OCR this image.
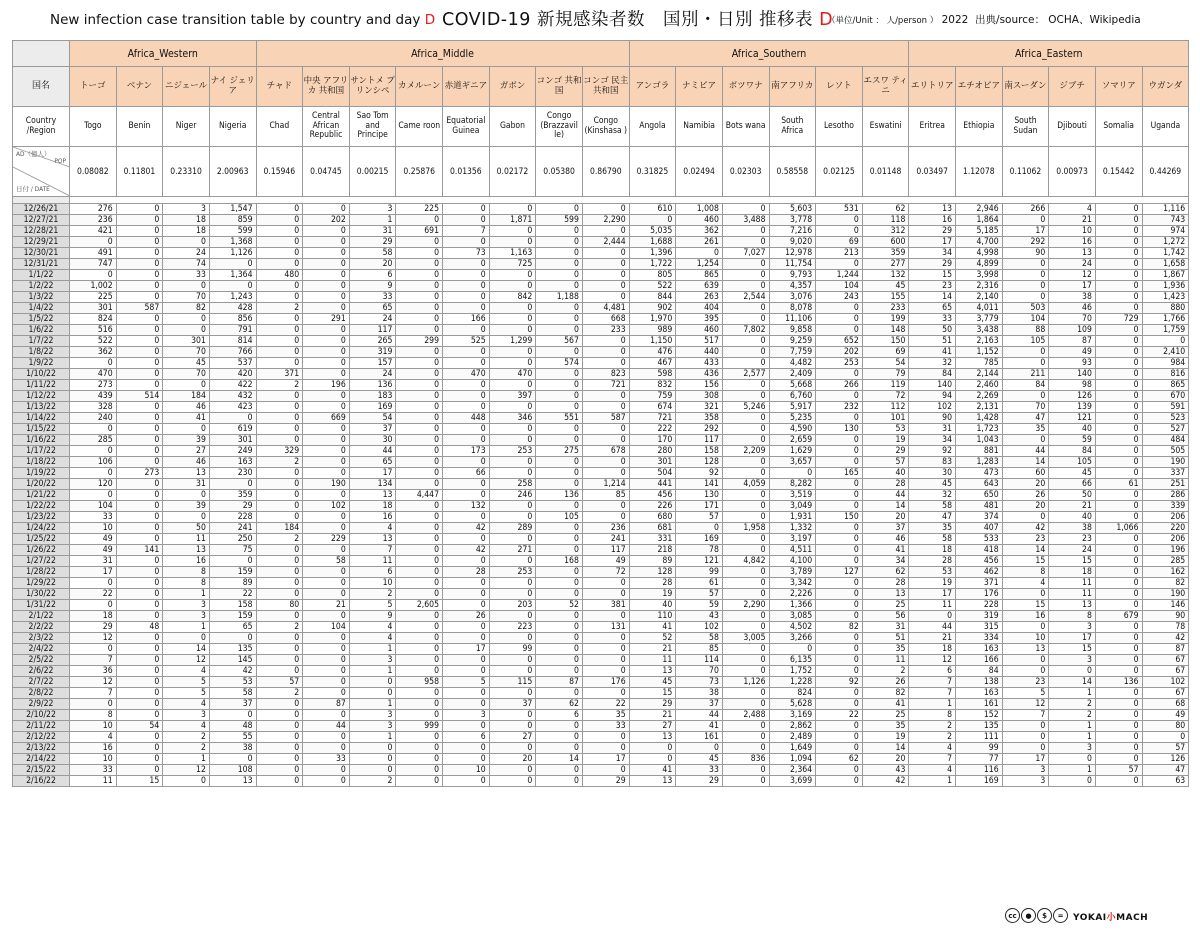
New infection case transition table by country and day D COVID-19 新規感染者数　国別・日別 推移表 D
（単位/Unit ： 人/person ） 2022 出典/source： OCHA、Wikipedia
	Africa_Western				Africa_Middle								Africa_Southern						Africa_Eastern					
国名	トーゴ	ベナン	ニジェール	ナイ ジェリア	チャド	中央 アフリカ 共和国	サントメ プリンシペ	カメルーン	赤道ギニア	ガボン	コンゴ 共和国	コンゴ 民主共和国	アンゴラ	ナミビア	ボツワナ	南アフリカ	レソト	エスワ ティニ	エリトリア	エチオピア	南スーダン	ジブチ	ソマリア	ウガンダ
Country /Region	Togo	Benin	Niger	Nigeria	Chad	Central African Republic	Sao Tom and Principe	Came roon	Equatorial Guinea	Gabon	Congo (Brazzavil le)	Congo (Kinshasa )	Angola	Namibia	Bots wana	South Africa	Lesotho	Eswatini	Eritrea	Ethiopia	South Sudan	Djibouti	Somalia	Uganda

AD（億人）
POP
日付 / DATE	0.08082	0.11801	0.23310	2.00963	0.15946	0.04745	0.00215	0.25876	0.01356	0.02172	0.05380	0.86790	0.31825	0.02494	0.02303	0.58558	0.02125	0.01148	0.03497	1.12078	0.11062	0.00973	0.15442	0.44269

12/26/21	276	0	3	1,547	0	0	3	225	0	0	0	0	610	1,008	0	5,603	531	62	13	2,946	266	4	0	1,116
12/27/21	236	0	18	859	0	202	1	0	0	1,871	599	2,290	0	460	3,488	3,778	0	118	16	1,864	0	21	0	743
12/28/21	421	0	18	599	0	0	31	691	7	0	0	0	5,035	362	0	7,216	0	312	29	5,185	17	10	0	974
12/29/21	0	0	0	1,368	0	0	29	0	0	0	0	2,444	1,688	261	0	9,020	69	600	17	4,700	292	16	0	1,272
12/30/21	491	0	24	1,126	0	0	58	0	73	1,163	0	0	1,396	0	7,027	12,978	213	359	34	4,998	90	13	0	1,742
12/31/21	747	0	74	0	0	0	20	0	0	725	0	0	1,722	1,254	0	11,754	0	277	29	4,899	0	24	0	1,658
1/1/22	0	0	33	1,364	480	0	6	0	0	0	0	0	805	865	0	9,793	1,244	132	15	3,998	0	12	0	1,867
1/2/22	1,002	0	0	0	0	0	9	0	0	0	0	0	522	639	0	4,357	104	45	23	2,316	0	17	0	1,936
1/3/22	225	0	70	1,243	0	0	33	0	0	842	1,188	0	844	263	2,544	3,076	243	155	14	2,140	0	38	0	1,423
1/4/22	301	587	82	428	2	0	65	0	0	0	0	4,481	902	404	0	8,078	0	233	65	4,011	503	46	0	880
1/5/22	824	0	0	856	0	291	24	0	166	0	0	668	1,970	395	0	11,106	0	199	33	3,779	104	70	729	1,766
1/6/22	516	0	0	791	0	0	117	0	0	0	0	233	989	460	7,802	9,858	0	148	50	3,438	88	109	0	1,759
1/7/22	522	0	301	814	0	0	265	299	525	1,299	567	0	1,150	517	0	9,259	652	150	51	2,163	105	87	0	0
1/8/22	362	0	70	766	0	0	319	0	0	0	0	0	476	440	0	7,759	202	69	41	1,152	0	49	0	2,410
1/9/22	0	0	45	537	0	0	157	0	0	0	574	0	467	433	0	4,482	253	54	32	785	0	93	0	984
1/10/22	470	0	70	420	371	0	24	0	470	470	0	823	598	436	2,577	2,409	0	79	84	2,144	211	140	0	816
1/11/22	273	0	0	422	2	196	136	0	0	0	0	721	832	156	0	5,668	266	119	140	2,460	84	98	0	865
1/12/22	439	514	184	432	0	0	183	0	0	397	0	0	759	308	0	6,760	0	72	94	2,269	0	126	0	670
1/13/22	328	0	46	423	0	0	169	0	0	0	0	0	674	321	5,246	5,917	232	112	102	2,131	70	139	0	591
1/14/22	240	0	41	0	0	669	54	0	448	346	551	587	721	358	0	5,235	0	101	90	1,428	47	121	0	523
1/15/22	0	0	0	619	0	0	37	0	0	0	0	0	222	292	0	4,590	130	53	31	1,723	35	40	0	527
1/16/22	285	0	39	301	0	0	30	0	0	0	0	0	170	117	0	2,659	0	19	34	1,043	0	59	0	484
1/17/22	0	0	27	249	329	0	44	0	173	253	275	678	280	158	2,209	1,629	0	29	92	881	44	84	0	505
1/18/22	106	0	46	163	2	0	65	0	0	0	0	0	301	128	0	3,657	0	57	83	1,283	14	105	0	190
1/19/22	0	273	13	230	0	0	17	0	66	0	0	0	504	92	0	0	165	40	30	473	60	45	0	337
1/20/22	120	0	31	0	0	190	134	0	0	258	0	1,214	441	141	4,059	8,282	0	28	45	643	20	66	61	251
1/21/22	0	0	0	359	0	0	13	4,447	0	246	136	85	456	130	0	3,519	0	44	32	650	26	50	0	286
1/22/22	104	0	39	29	0	102	18	0	132	0	0	0	226	171	0	3,049	0	14	58	481	20	21	0	339
1/23/22	33	0	0	228	0	0	16	0	0	0	105	0	680	57	0	1,931	150	20	47	374	0	40	0	206
1/24/22	10	0	50	241	184	0	4	0	42	289	0	236	681	0	1,958	1,332	0	37	35	407	42	38	1,066	220
1/25/22	49	0	11	250	2	229	13	0	0	0	0	241	331	169	0	3,197	0	46	58	533	23	23	0	206
1/26/22	49	141	13	75	0	0	7	0	42	271	0	117	218	78	0	4,511	0	41	18	418	14	24	0	196
1/27/22	31	0	16	0	0	58	11	0	0	0	168	49	89	121	4,842	4,100	0	34	28	456	15	15	0	285
1/28/22	17	0	8	159	0	0	6	0	28	253	0	72	128	99	0	3,789	127	62	53	462	8	18	0	162
1/29/22	0	0	8	89	0	0	10	0	0	0	0	0	28	61	0	3,342	0	28	19	371	4	11	0	82
1/30/22	22	0	1	22	0	0	2	0	0	0	0	0	19	57	0	2,226	0	13	17	176	0	11	0	190
1/31/22	0	0	3	158	80	21	5	2,605	0	203	52	381	40	59	2,290	1,366	0	25	11	228	15	13	0	146
2/1/22	18	0	3	159	0	0	9	0	26	0	0	0	110	43	0	3,085	0	56	0	319	16	8	679	90
2/2/22	29	48	1	65	2	104	4	0	0	223	0	131	41	102	0	4,502	82	31	44	315	0	3	0	78
2/3/22	12	0	0	0	0	0	4	0	0	0	0	0	52	58	3,005	3,266	0	51	21	334	10	17	0	42
2/4/22	0	0	14	135	0	0	1	0	17	99	0	0	21	85	0	0	0	35	18	163	13	15	0	87
2/5/22	7	0	12	145	0	0	3	0	0	0	0	0	11	114	0	6,135	0	11	12	166	0	3	0	67
2/6/22	36	0	4	42	0	0	1	0	0	0	0	0	13	70	0	1,752	0	2	6	84	0	0	0	67
2/7/22	12	0	5	53	57	0	0	958	5	115	87	176	45	73	1,126	1,228	92	26	7	138	23	14	136	102
2/8/22	7	0	5	58	2	0	0	0	0	0	0	0	15	38	0	824	0	82	7	163	5	1	0	67
2/9/22	0	0	4	37	0	87	1	0	0	37	62	22	29	37	0	5,628	0	41	1	161	12	2	0	68
2/10/22	8	0	3	0	0	0	3	0	3	0	6	35	21	44	2,488	3,169	22	25	8	152	7	2	0	49
2/11/22	10	54	4	48	0	44	3	999	0	0	0	33	27	41	0	2,862	0	35	2	135	0	1	0	80
2/12/22	4	0	2	55	0	0	1	0	6	27	0	0	13	161	0	2,489	0	19	2	111	0	1	0	0
2/13/22	16	0	2	38	0	0	0	0	0	0	0	0	0	0	0	1,649	0	14	4	99	0	3	0	57
2/14/22	10	0	1	0	0	33	0	0	0	20	14	17	0	45	836	1,094	62	20	7	77	17	0	0	126
2/15/22	33	0	12	108	0	0	0	0	10	0	0	0	41	33	0	2,364	0	43	4	116	3	1	57	47
2/16/22	11	15	0	13	0	0	2	0	0	0	0	29	13	29	0	3,699	0	42	1	169	3	0	0	63
cc	●	$	=	YOKAI小MACH
